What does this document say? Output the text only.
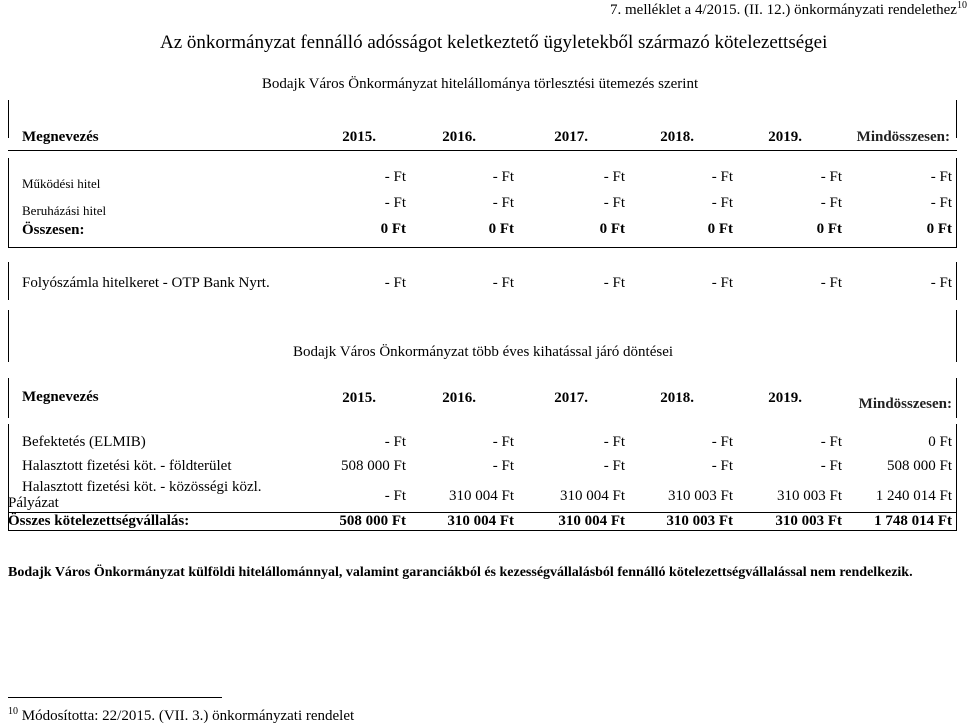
7. melléklet a 4/2015. (II. 12.) önkormányzati rendelethez$^{10}$
Az önkormányzat fennálló adósságot keletkeztető ügyletekből származó kötelezettségei
Bodajk Város Önkormányzat hitelállománya törlesztési ütemezés szerint
Megnevezés	2015.	2016.	2017.	2018.	2019.	Mindösszesen:
Működési hitel	- Ft	- Ft	- Ft	- Ft	- Ft	- Ft
Beruházási hitel	- Ft	- Ft	- Ft	- Ft	- Ft	- Ft
Összesen:	0 Ft	0 Ft	0 Ft	0 Ft	0 Ft	0 Ft
Folyószámla hitelkeret - OTP Bank Nyrt.	- Ft	- Ft	- Ft	- Ft	- Ft	- Ft
Bodajk Város Önkormányzat több éves kihatással járó döntései
Megnevezés	2015.	2016.	2017.	2018.	2019.	Mindösszesen:
Befektetés (ELMIB)	- Ft	- Ft	- Ft	- Ft	- Ft	0 Ft
Halasztott fizetési köt. - földterület	508 000 Ft	- Ft	- Ft	- Ft	- Ft	508 000 Ft
Halasztott fizetési köt. - közösségi közl.
Pályázat	- Ft	310 004 Ft	310 004 Ft	310 003 Ft	310 003 Ft	1 240 014 Ft
Összes kötelezettségvállalás:	508 000 Ft	310 004 Ft	310 004 Ft	310 003 Ft	310 003 Ft	1 748 014 Ft
Bodajk Város Önkormányzat külföldi hitelállománnyal, valamint garanciákból és kezességvállalásból fennálló kötelezettségvállalással nem rendelkezik.
$^{10}$ Módosította: 22/2015. (VII. 3.) önkormányzati rendelet
